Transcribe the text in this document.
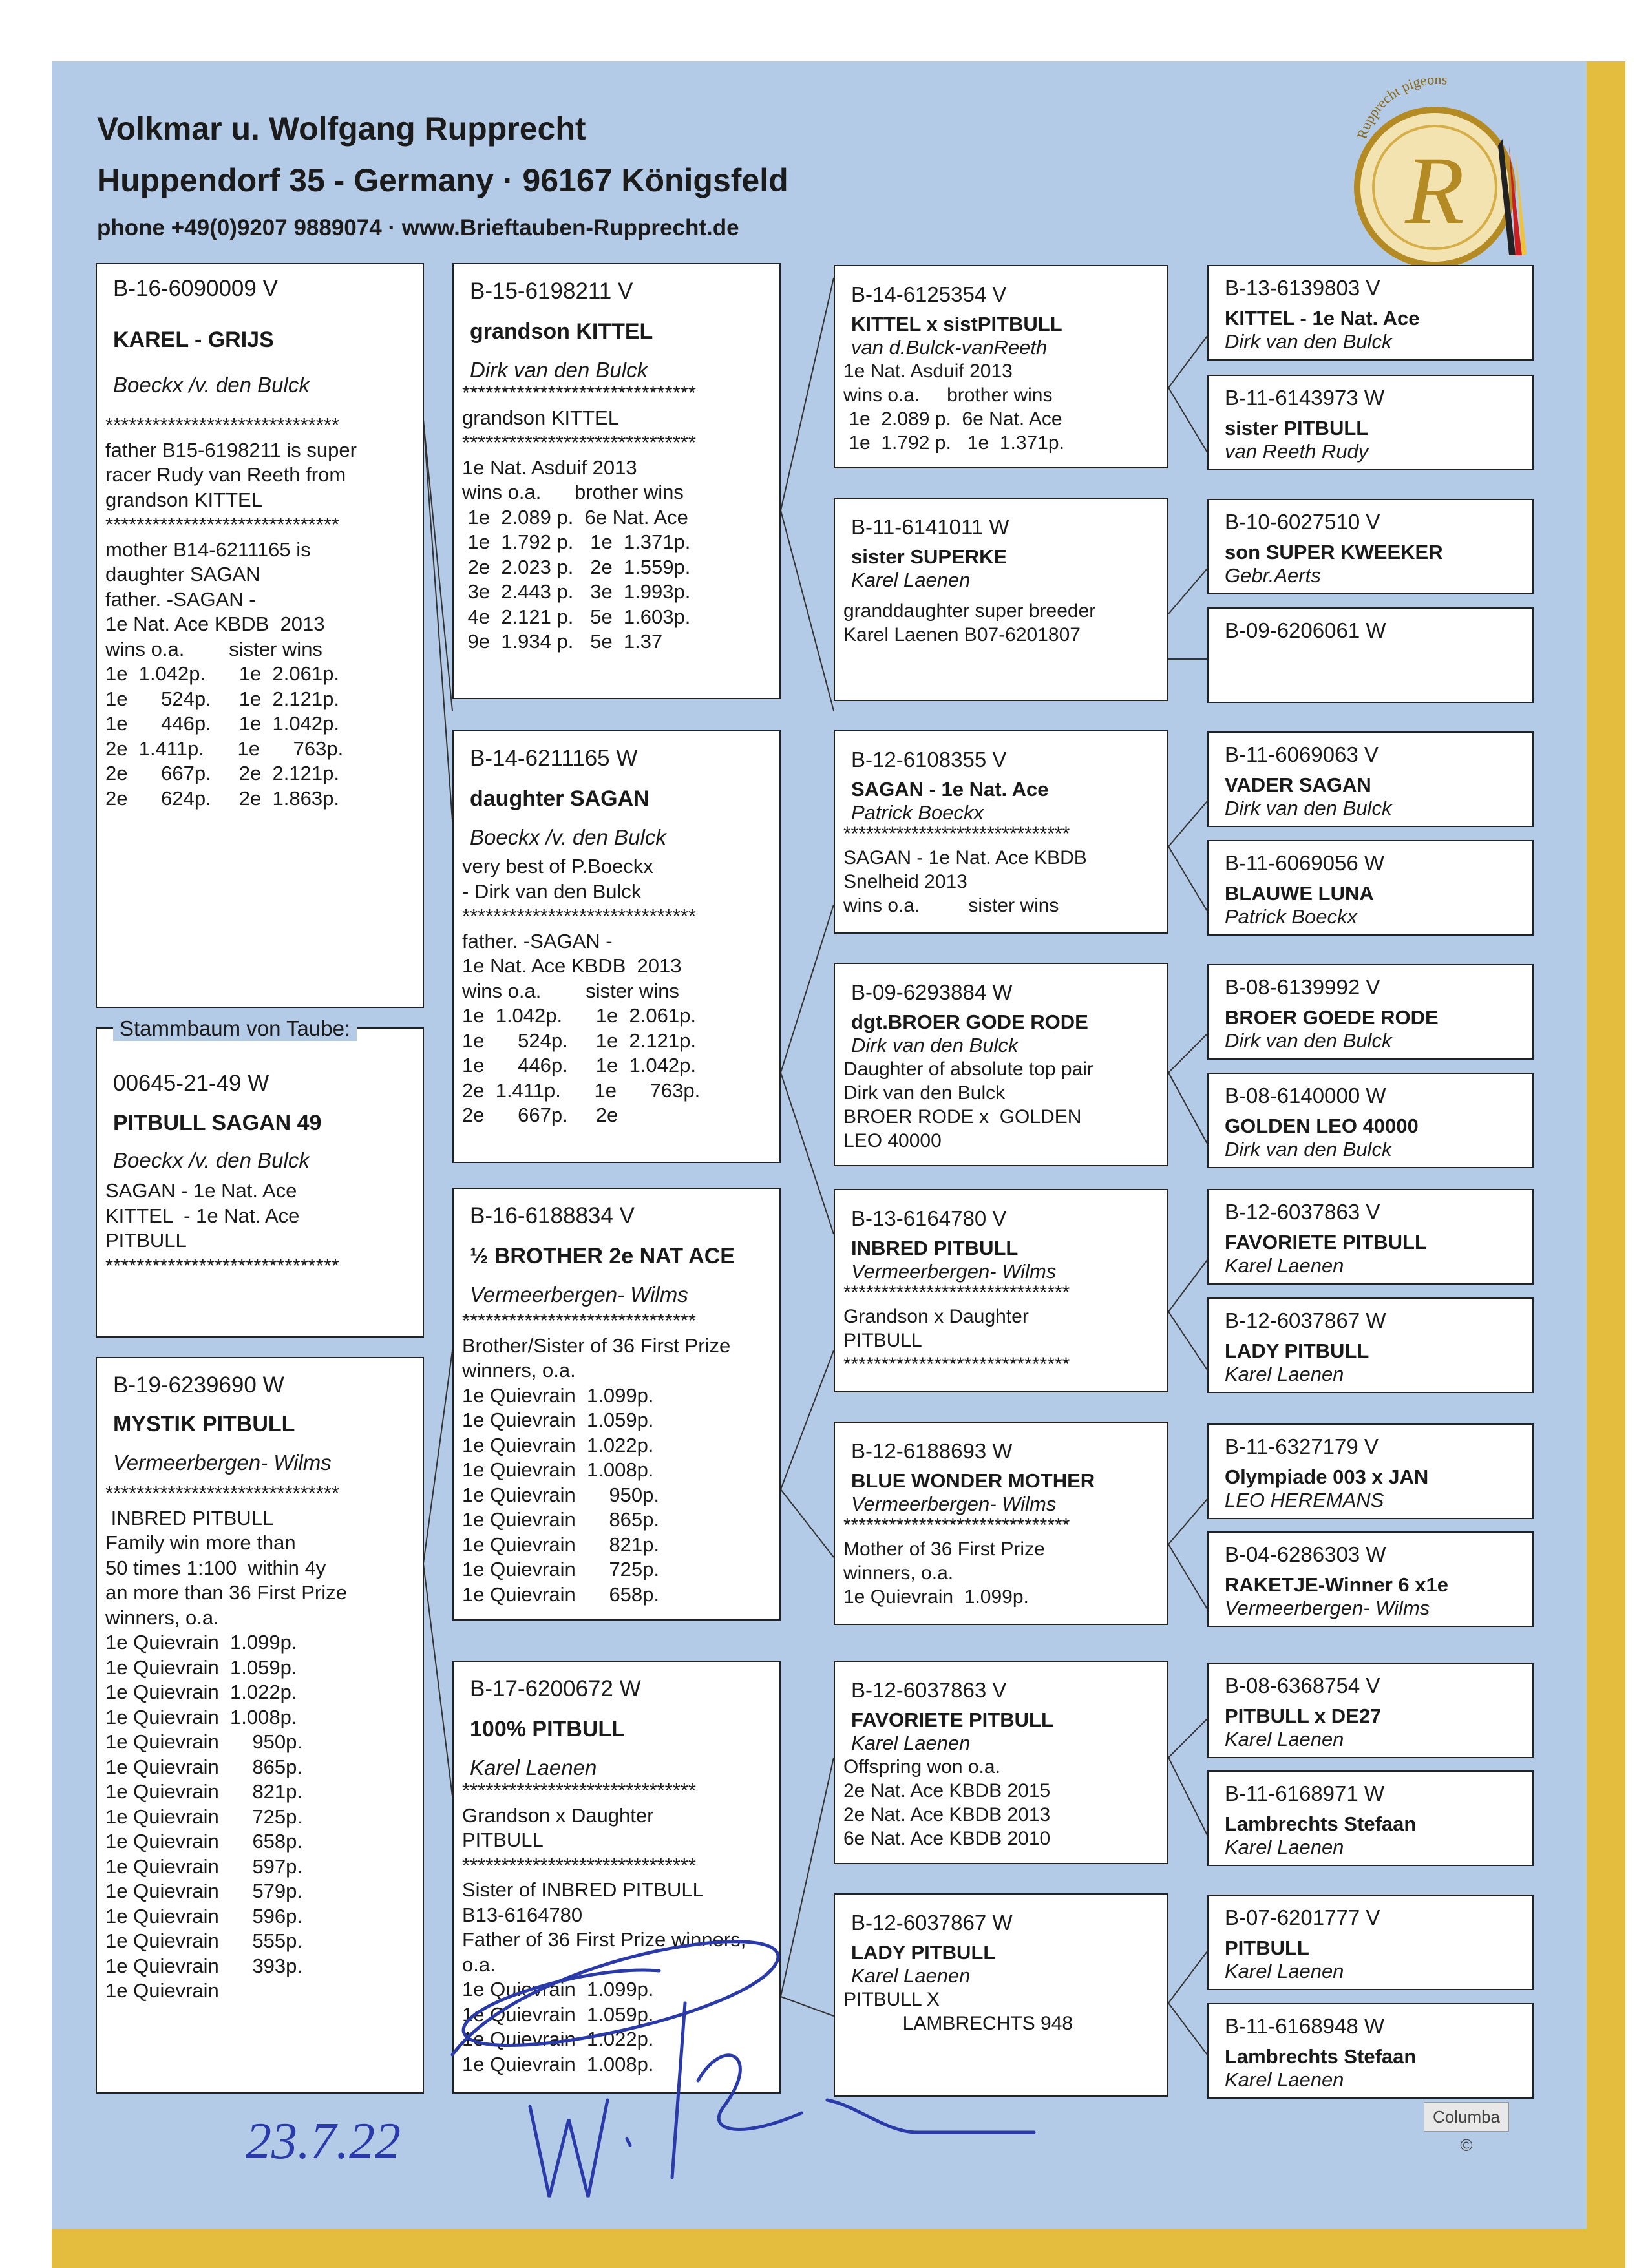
Volkmar u. Wolfgang Rupprecht
Huppendorf 35 - Germany · 96167 Königsfeld
phone +49(0)9207 9889074 · www.Brieftauben-Rupprecht.de
Rupprecht pigeons
R
B-16-6090009 V
KAREL - GRIJS
Boeckx /v. den Bulck
******************************
father B15-6198211 is super
racer Rudy van Reeth from
grandson KITTEL
******************************
mother B14-6211165 is
daughter SAGAN
father. -SAGAN -
1e Nat. Ace KBDB  2013
wins o.a.        sister wins
1e  1.042p.      1e  2.061p.
1e      524p.     1e  2.121p.
1e      446p.     1e  1.042p.
2e  1.411p.      1e      763p.
2e      667p.     2e  2.121p.
2e      624p.     2e  1.863p.
00645-21-49 W
PITBULL SAGAN 49
Boeckx /v. den Bulck
SAGAN - 1e Nat. Ace
KITTEL  - 1e Nat. Ace
PITBULL
******************************
Stammbaum von Taube:
B-19-6239690 W
MYSTIK PITBULL
Vermeerbergen- Wilms
******************************
INBRED PITBULL
Family win more than
50 times 1:100  within 4y
an more than 36 First Prize
winners, o.a.
1e Quievrain  1.099p.
1e Quievrain  1.059p.
1e Quievrain  1.022p.
1e Quievrain  1.008p.
1e Quievrain      950p.
1e Quievrain      865p.
1e Quievrain      821p.
1e Quievrain      725p.
1e Quievrain      658p.
1e Quievrain      597p.
1e Quievrain      579p.
1e Quievrain      596p.
1e Quievrain      555p.
1e Quievrain      393p.
1e Quievrain
B-15-6198211 V
grandson KITTEL
Dirk van den Bulck
******************************
grandson KITTEL
******************************
1e Nat. Asduif 2013
wins o.a.      brother wins
1e  2.089 p.  6e Nat. Ace
1e  1.792 p.   1e  1.371p.
2e  2.023 p.   2e  1.559p.
3e  2.443 p.   3e  1.993p.
4e  2.121 p.   5e  1.603p.
9e  1.934 p.   5e  1.37
B-14-6211165 W
daughter SAGAN
Boeckx /v. den Bulck
very best of P.Boeckx
- Dirk van den Bulck
******************************
father. -SAGAN -
1e Nat. Ace KBDB  2013
wins o.a.        sister wins
1e  1.042p.      1e  2.061p.
1e      524p.     1e  2.121p.
1e      446p.     1e  1.042p.
2e  1.411p.      1e      763p.
2e      667p.     2e
B-16-6188834 V
½ BROTHER 2e NAT ACE
Vermeerbergen- Wilms
******************************
Brother/Sister of 36 First Prize
winners, o.a.
1e Quievrain  1.099p.
1e Quievrain  1.059p.
1e Quievrain  1.022p.
1e Quievrain  1.008p.
1e Quievrain      950p.
1e Quievrain      865p.
1e Quievrain      821p.
1e Quievrain      725p.
1e Quievrain      658p.
B-17-6200672 W
100% PITBULL
Karel Laenen
******************************
Grandson x Daughter
PITBULL
******************************
Sister of INBRED PITBULL
B13-6164780
Father of 36 First Prize winners,
o.a.
1e Quievrain  1.099p.
1e Quievrain  1.059p.
1e Quievrain  1.022p.
1e Quievrain  1.008p.
B-14-6125354 V
KITTEL x sistPITBULL
van d.Bulck-vanReeth
1e Nat. Asduif 2013
wins o.a.     brother wins
1e  2.089 p.  6e Nat. Ace
1e  1.792 p.   1e  1.371p.
B-11-6141011 W
sister SUPERKE
Karel Laenen
granddaughter super breeder
Karel Laenen B07-6201807
B-12-6108355 V
SAGAN - 1e Nat. Ace
Patrick Boeckx
******************************
SAGAN - 1e Nat. Ace KBDB
Snelheid 2013
wins o.a.         sister wins
B-09-6293884 W
dgt.BROER GODE RODE
Dirk van den Bulck
Daughter of absolute top pair
Dirk van den Bulck
BROER RODE x  GOLDEN
LEO 40000
B-13-6164780 V
INBRED PITBULL
Vermeerbergen- Wilms
******************************
Grandson x Daughter
PITBULL
******************************
B-12-6188693 W
BLUE WONDER MOTHER
Vermeerbergen- Wilms
******************************
Mother of 36 First Prize
winners, o.a.
1e Quievrain  1.099p.
B-12-6037863 V
FAVORIETE PITBULL
Karel Laenen
Offspring won o.a.
2e Nat. Ace KBDB 2015
2e Nat. Ace KBDB 2013
6e Nat. Ace KBDB 2010
B-12-6037867 W
LADY PITBULL
Karel Laenen
PITBULL X
LAMBRECHTS 948
B-13-6139803 V
KITTEL - 1e Nat. Ace
Dirk van den Bulck
B-11-6143973 W
sister PITBULL
van Reeth Rudy
B-10-6027510 V
son SUPER KWEEKER
Gebr.Aerts
B-09-6206061 W
B-11-6069063 V
VADER SAGAN
Dirk van den Bulck
B-11-6069056 W
BLAUWE LUNA
Patrick Boeckx
B-08-6139992 V
BROER GOEDE RODE
Dirk van den Bulck
B-08-6140000 W
GOLDEN LEO 40000
Dirk van den Bulck
B-12-6037863 V
FAVORIETE PITBULL
Karel Laenen
B-12-6037867 W
LADY PITBULL
Karel Laenen
B-11-6327179 V
Olympiade 003 x JAN
LEO HEREMANS
B-04-6286303 W
RAKETJE-Winner 6 x1e
Vermeerbergen- Wilms
B-08-6368754 V
PITBULL x DE27
Karel Laenen
B-11-6168971 W
Lambrechts Stefaan
Karel Laenen
B-07-6201777 V
PITBULL
Karel Laenen
B-11-6168948 W
Lambrechts Stefaan
Karel Laenen
Columba ©
23.7.22
